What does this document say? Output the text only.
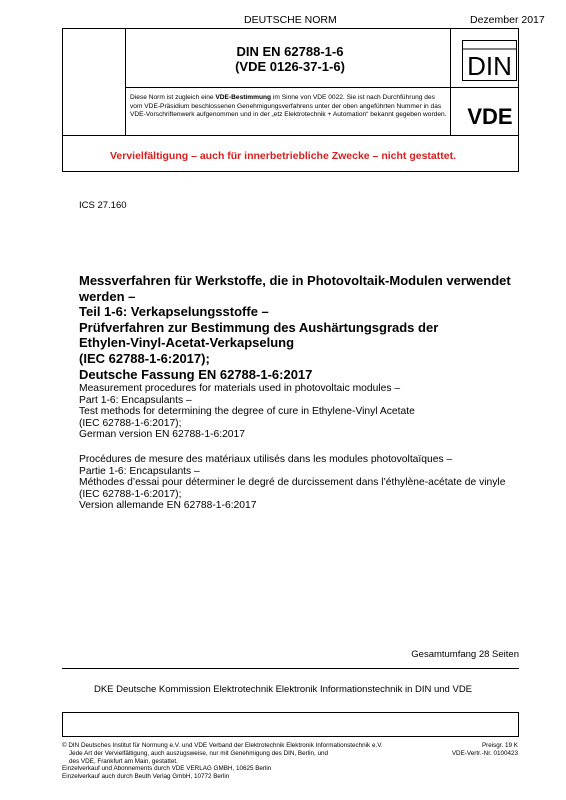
DEUTSCHE NORM	Dezember 2017
DIN EN 62788-1-6
(VDE 0126-37-1-6)	DIN
Diese Norm ist zugleich eine VDE-Bestimmung im Sinne von VDE 0022. Sie ist nach Durchführung des vom VDE-Präsidium beschlossenen Genehmigungsverfahrens unter der oben angeführten Nummer in das VDE-Vorschriftenwerk aufgenommen und in der „etz Elektrotechnik + Automation“ bekannt gegeben worden. VDE
Vervielfältigung – auch für innerbetriebliche Zwecke – nicht gestattet.
ICS 27.160
Messverfahren für Werkstoffe, die in Photovoltaik-Modulen verwendet
werden –
Teil 1-6: Verkapselungsstoffe –
Prüfverfahren zur Bestimmung des Aushärtungsgrads der
Ethylen-Vinyl-Acetat-Verkapselung
(IEC 62788-1-6:2017);
Deutsche Fassung EN 62788-1-6:2017
Measurement procedures for materials used in photovoltaic modules –
Part 1-6: Encapsulants –
Test methods for determining the degree of cure in Ethylene-Vinyl Acetate
(IEC 62788-1-6:2017);
German version EN 62788-1-6:2017
Procédures de mesure des matériaux utilisés dans les modules photovoltaïques –
Partie 1-6: Encapsulants –
Méthodes d’essai pour déterminer le degré de durcissement dans l’éthylène-acétate de vinyle
(IEC 62788-1-6:2017);
Version allemande EN 62788-1-6:2017
Gesamtumfang 28 Seiten
DKE Deutsche Kommission Elektrotechnik Elektronik Informationstechnik in DIN und VDE
© DIN Deutsches Institut für Normung e.V. und VDE Verband der Elektrotechnik Elektronik Informationstechnik e.V.
Jede Art der Vervielfältigung, auch auszugsweise, nur mit Genehmigung des DIN, Berlin, und
des VDE, Frankfurt am Main, gestattet.
Einzelverkauf und Abonnements durch VDE VERLAG GMBH, 10625 Berlin
Einzelverkauf auch durch Beuth Verlag GmbH, 10772 Berlin
Preisgr. 19 K
VDE-Vertr.-Nr. 0100423
